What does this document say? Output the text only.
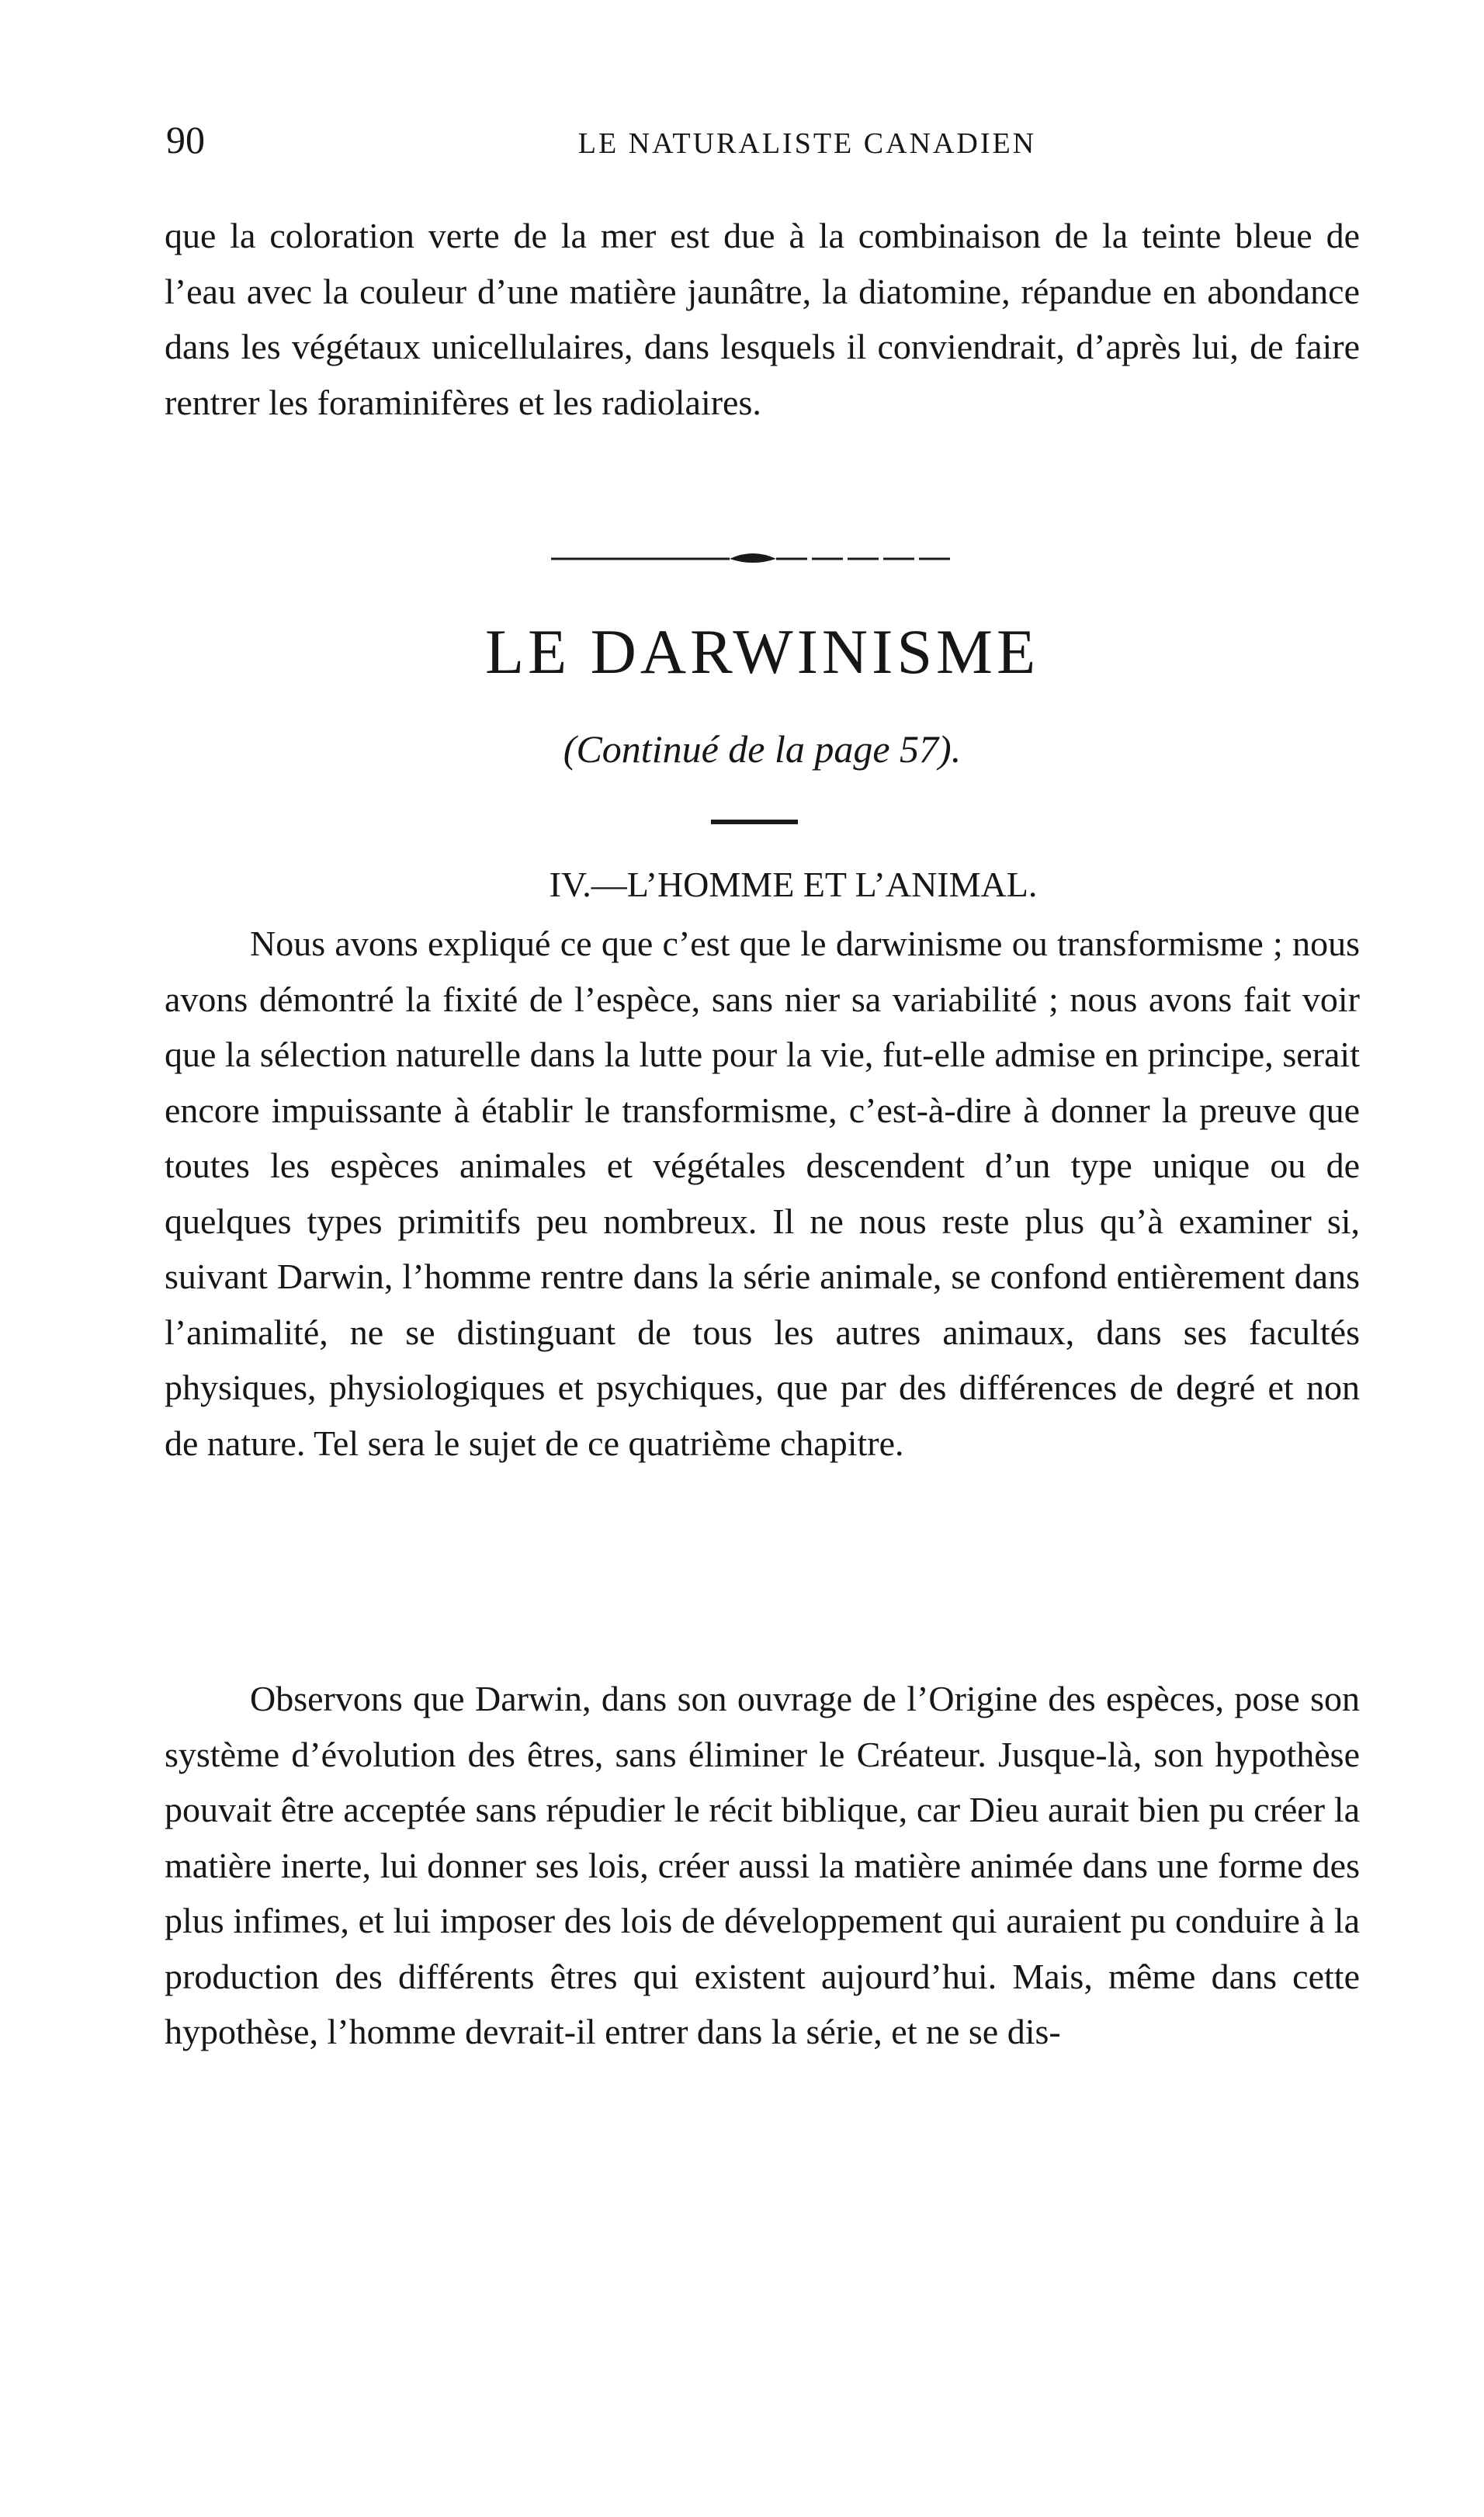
90	LE NATURALISTE CANADIEN

que la coloration verte de la mer est due à la combinaison de la teinte bleue de l’eau avec la couleur d’une matière jaunâtre, la diatomine, répandue en abondance dans les végétaux unicellulaires, dans lesquels il conviendrait, d’après lui, de faire rentrer les foraminifères et les radiolaires.

LE DARWINISME
(Continué de la page 57).
IV.—L’HOMME ET L’ANIMAL.

Nous avons expliqué ce que c’est que le darwinisme ou transformisme ; nous avons démontré la fixité de l’espèce, sans nier sa variabilité ; nous avons fait voir que la sélection naturelle dans la lutte pour la vie, fut-elle admise en principe, serait encore impuissante à établir le transformisme, c’est-à-dire à donner la preuve que toutes les espèces animales et végétales descendent d’un type unique ou de quelques types primitifs peu nombreux. Il ne nous reste plus qu’à examiner si, suivant Darwin, l’homme rentre dans la série animale, se confond entièrement dans l’animalité, ne se distinguant de tous les autres animaux, dans ses facultés physiques, physiologiques et psychiques, que par des différences de degré et non de nature. Tel sera le sujet de ce quatrième chapitre.

Observons que Darwin, dans son ouvrage de l’Origine des espèces, pose son système d’évolution des êtres, sans éliminer le Créateur. Jusque-là, son hypothèse pouvait être acceptée sans répudier le récit biblique, car Dieu aurait bien pu créer la matière inerte, lui donner ses lois, créer aussi la matière animée dans une forme des plus infimes, et lui imposer des lois de développement qui auraient pu conduire à la production des différents êtres qui existent aujourd’hui. Mais, même dans cette hypothèse, l’homme devrait-il entrer dans la série, et ne se dis-
